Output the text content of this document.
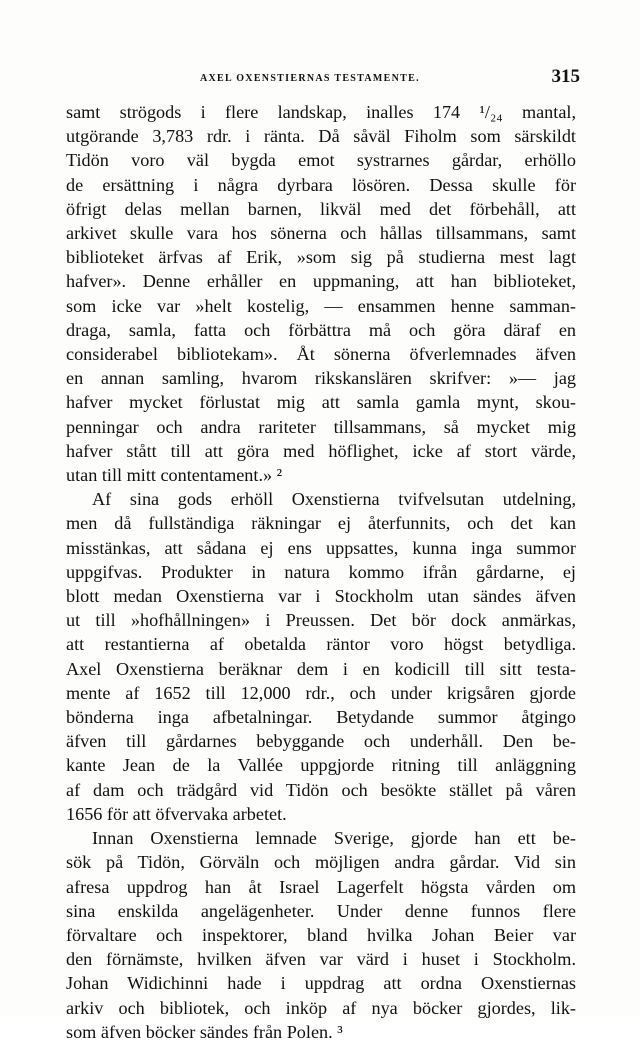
AXEL OXENSTIERNAS TESTAMENTE.	315

samt strögods i flere landskap, inalles 174 ¹/₂₄ mantal,
utgörande 3,783 rdr. i ränta. Då såväl Fiholm som särskildt
Tidön voro väl bygda emot systrarnes gårdar, erhöllo
de ersättning i några dyrbara lösören. Dessa skulle för
öfrigt delas mellan barnen, likväl med det förbehåll, att
arkivet skulle vara hos sönerna och hållas tillsammans, samt
biblioteket ärfvas af Erik, »som sig på studierna mest lagt
hafver». Denne erhåller en uppmaning, att han biblioteket,
som icke var »helt kostelig, — ensammen henne samman-
draga, samla, fatta och förbättra må och göra däraf en
considerabel bibliotekam». Åt sönerna öfverlemnades äfven
en annan samling, hvarom rikskanslären skrifver: »— jag
hafver mycket förlustat mig att samla gamla mynt, skou-
penningar och andra rariteter tillsammans, så mycket mig
hafver stått till att göra med höflighet, icke af stort värde,
utan till mitt contentament.» ²

Af sina gods erhöll Oxenstierna tvifvelsutan utdelning,
men då fullständiga räkningar ej återfunnits, och det kan
misstänkas, att sådana ej ens uppsattes, kunna inga summor
uppgifvas. Produkter in natura kommo ifrån gårdarne, ej
blott medan Oxenstierna var i Stockholm utan sändes äfven
ut till »hofhållningen» i Preussen. Det bör dock anmärkas,
att restantierna af obetalda räntor voro högst betydliga.
Axel Oxenstierna beräknar dem i en kodicill till sitt testa-
mente af 1652 till 12,000 rdr., och under krigsåren gjorde
bönderna inga afbetalningar. Betydande summor åtgingo
äfven till gårdarnes bebyggande och underhåll. Den be-
kante Jean de la Vallée uppgjorde ritning till anläggning
af dam och trädgård vid Tidön och besökte stället på våren
1656 för att öfvervaka arbetet.

Innan Oxenstierna lemnade Sverige, gjorde han ett be-
sök på Tidön, Görväln och möjligen andra gårdar. Vid sin
afresa uppdrog han åt Israel Lagerfelt högsta vården om
sina enskilda angelägenheter. Under denne funnos flere
förvaltare och inspektorer, bland hvilka Johan Beier var
den förnämste, hvilken äfven var värd i huset i Stockholm.
Johan Widichinni hade i uppdrag att ordna Oxenstiernas
arkiv och bibliotek, och inköp af nya böcker gjordes, lik-
som äfven böcker sändes från Polen. ³
